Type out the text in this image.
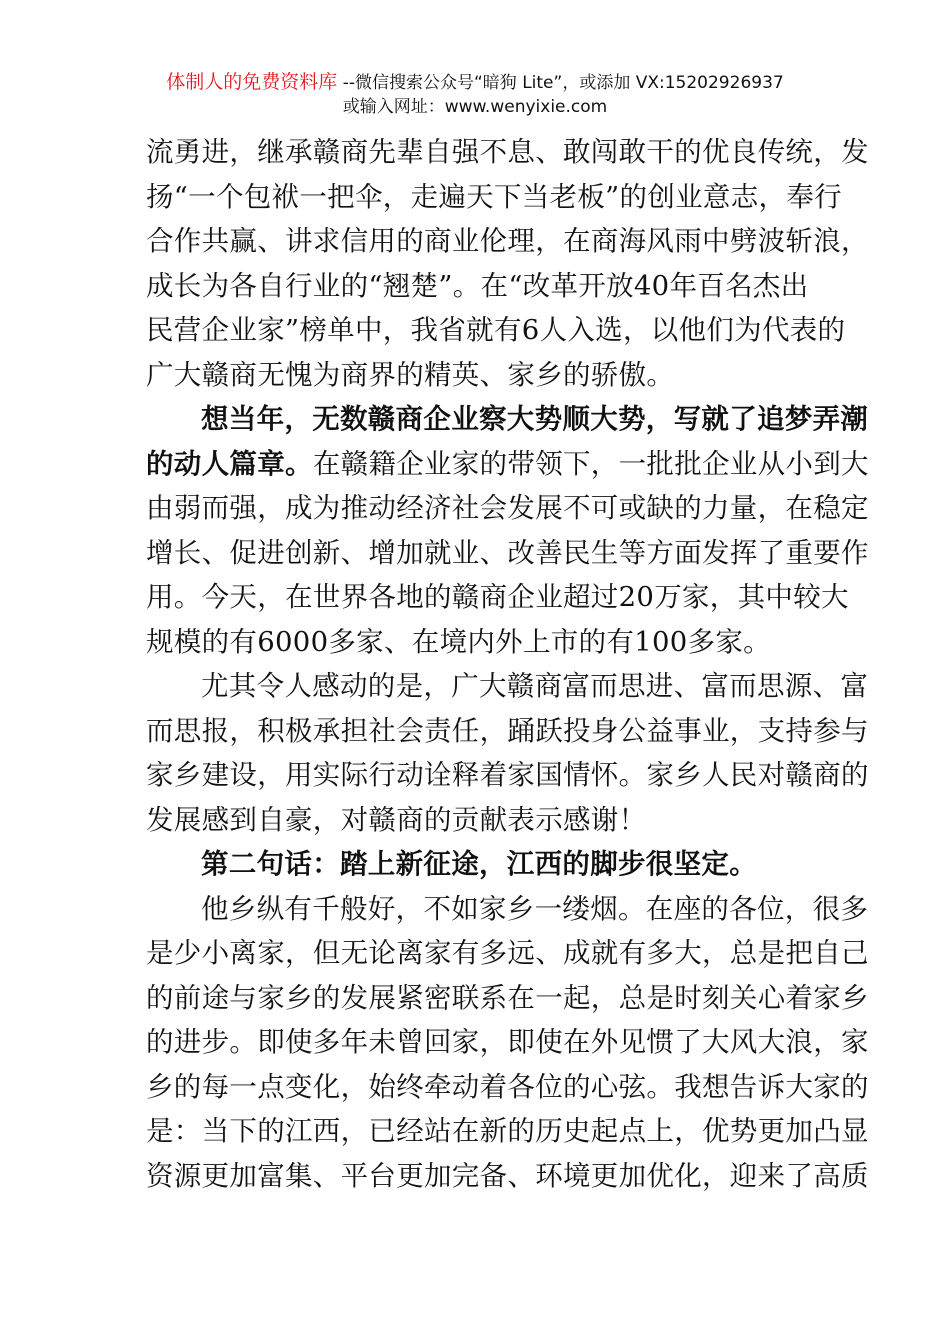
体制人的免费资料库 --微信搜索公众号“暗狗 Lite”，或添加 VX:15202926937
或输入网址：www.wenyixie.com
流勇进，继承赣商先辈自强不息、敢闯敢干的优良传统，发
扬“一个包袱一把伞，走遍天下当老板”的创业意志，奉行
合作共赢、讲求信用的商业伦理，在商海风雨中劈波斩浪，
成长为各自行业的“翘楚”。在“改革开放40年百名杰出
民营企业家”榜单中，我省就有6人入选，以他们为代表的
广大赣商无愧为商界的精英、家乡的骄傲。
想当年，无数赣商企业察大势顺大势，写就了追梦弄潮
的动人篇章。在赣籍企业家的带领下，一批批企业从小到大
由弱而强，成为推动经济社会发展不可或缺的力量，在稳定
增长、促进创新、增加就业、改善民生等方面发挥了重要作
用。今天，在世界各地的赣商企业超过20万家，其中较大
规模的有6000多家、在境内外上市的有100多家。
尤其令人感动的是，广大赣商富而思进、富而思源、富
而思报，积极承担社会责任，踊跃投身公益事业，支持参与
家乡建设，用实际行动诠释着家国情怀。家乡人民对赣商的
发展感到自豪，对赣商的贡献表示感谢！
第二句话：踏上新征途，江西的脚步很坚定。
他乡纵有千般好，不如家乡一缕烟。在座的各位，很多
是少小离家，但无论离家有多远、成就有多大，总是把自己
的前途与家乡的发展紧密联系在一起，总是时刻关心着家乡
的进步。即使多年未曾回家，即使在外见惯了大风大浪，家
乡的每一点变化，始终牵动着各位的心弦。我想告诉大家的
是：当下的江西，已经站在新的历史起点上，优势更加凸显
资源更加富集、平台更加完备、环境更加优化，迎来了高质
